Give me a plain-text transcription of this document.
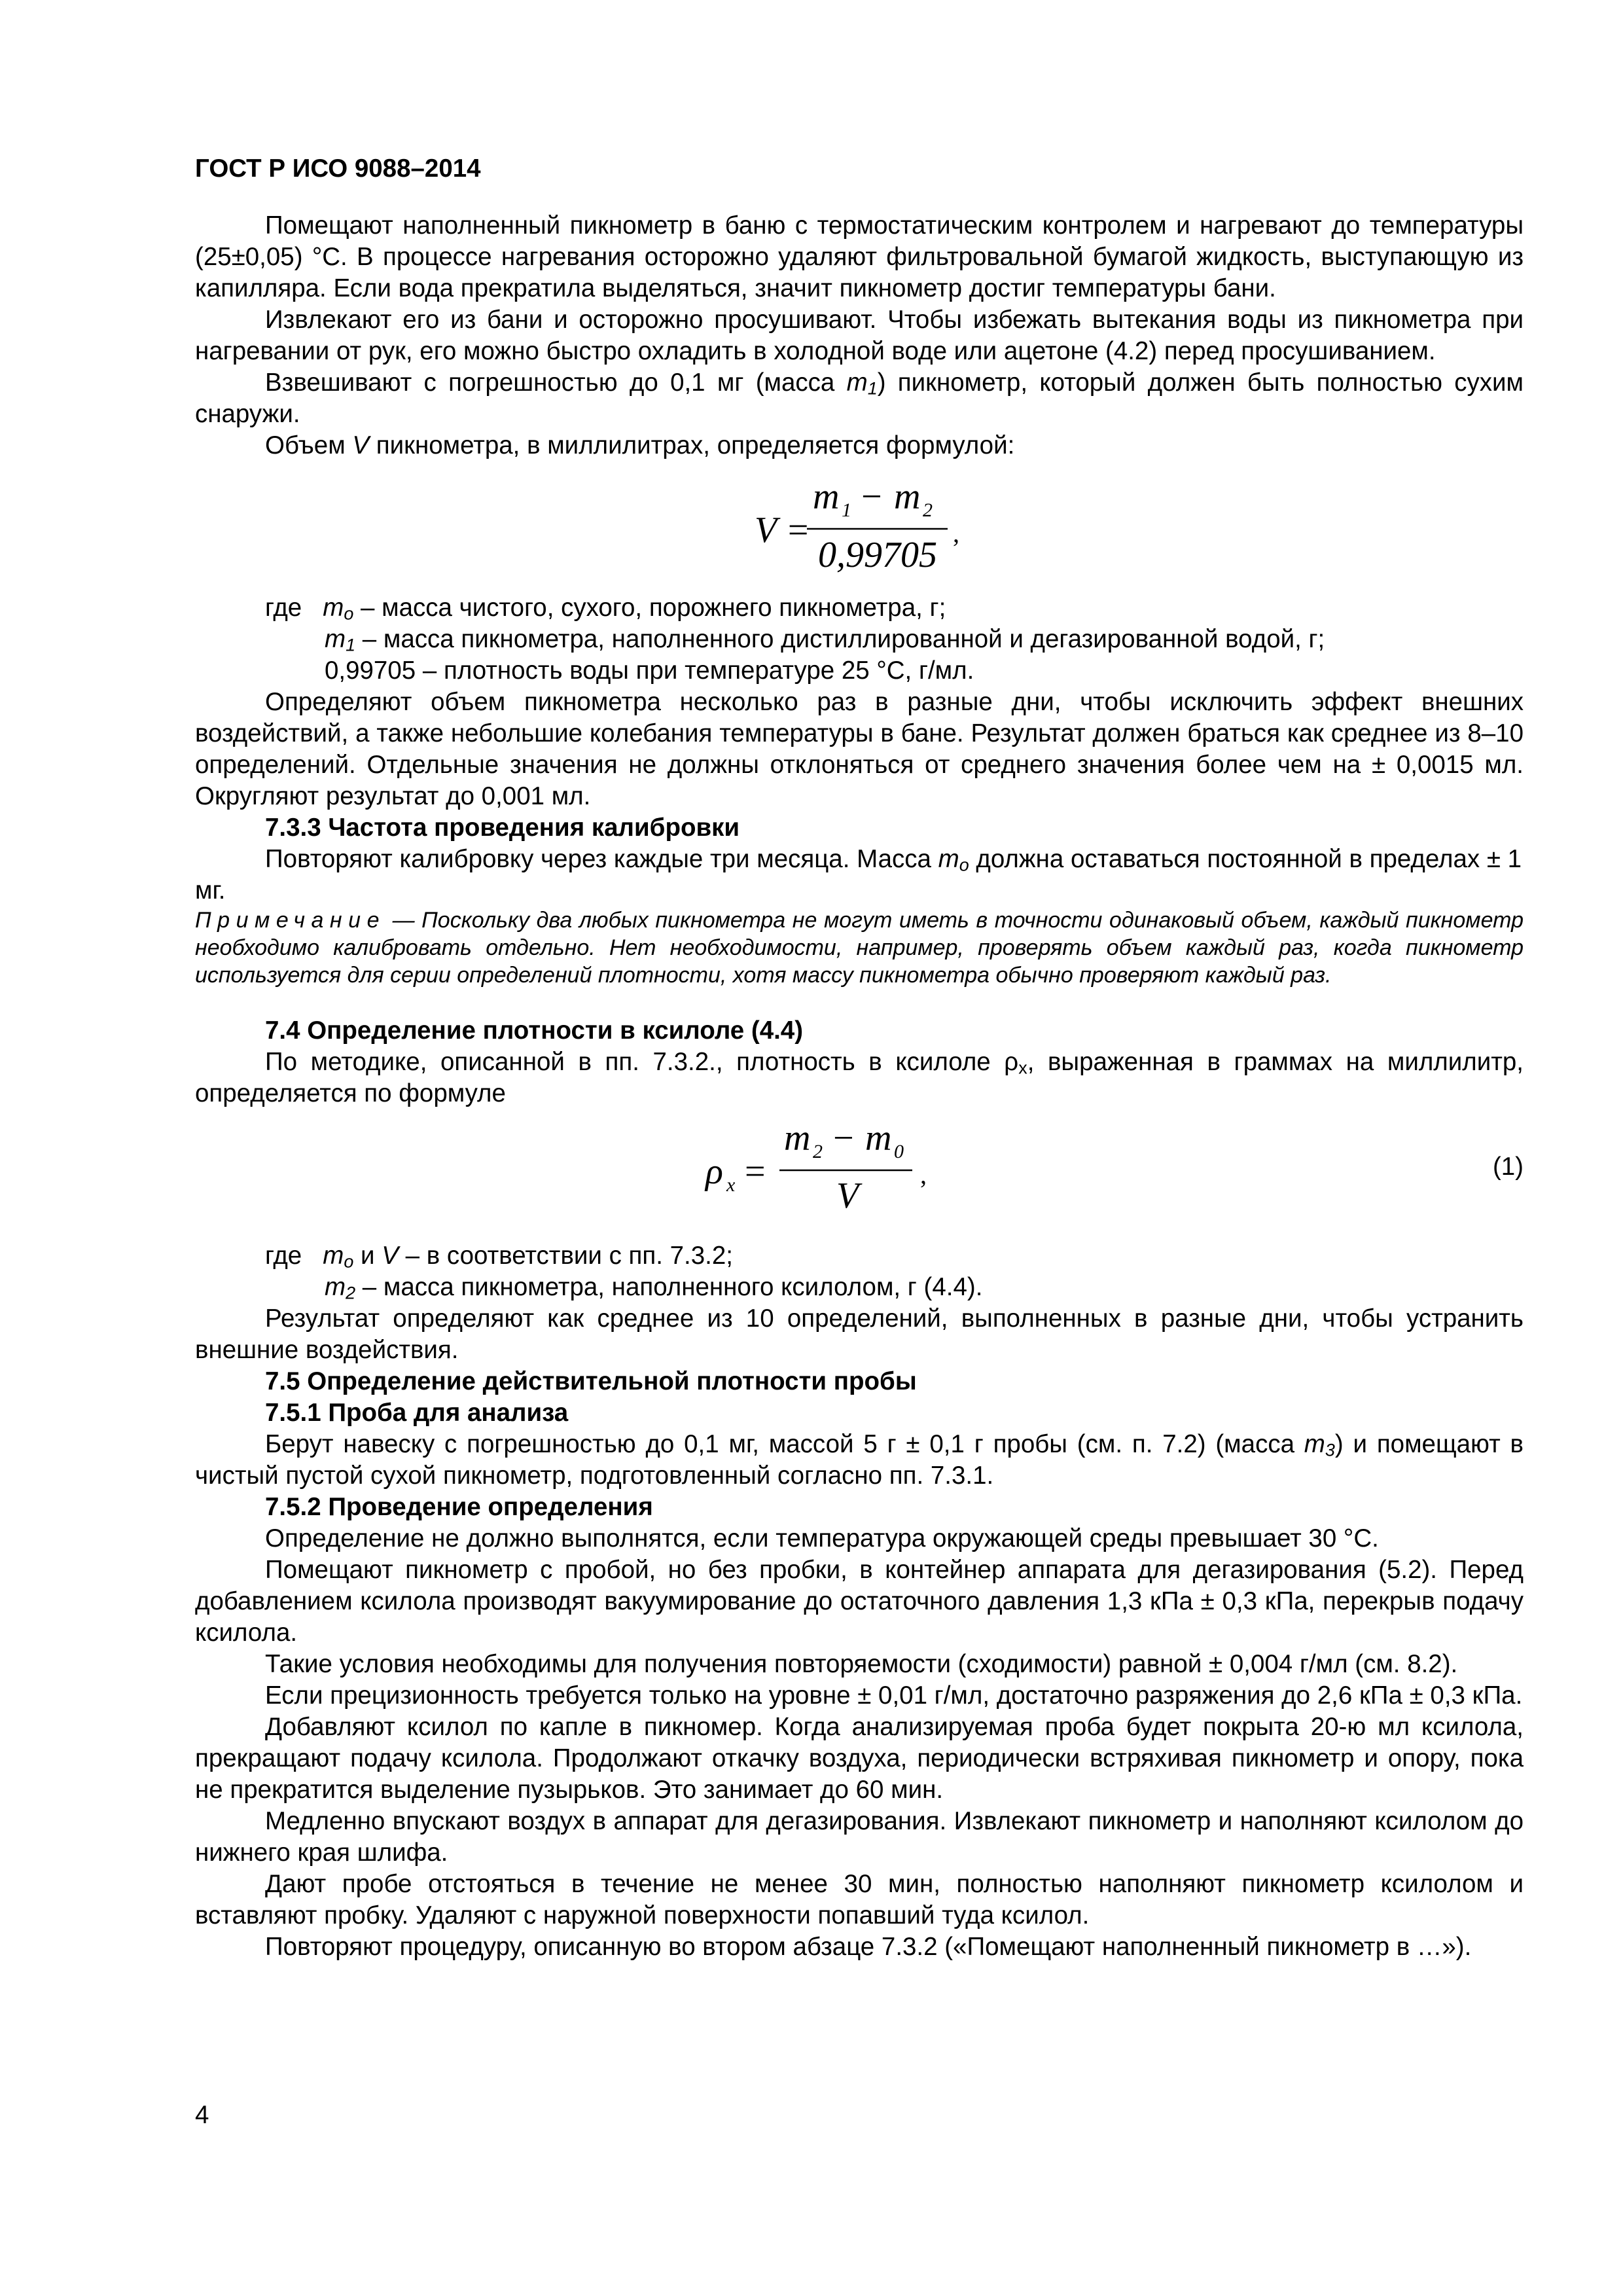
ГОСТ Р ИСО 9088–2014

Помещают наполненный пикнометр в баню с термостатическим контролем и нагревают до температуры (25±0,05) °C. В процессе нагревания осторожно удаляют фильтровальной бумагой жидкость, выступающую из капилляра. Если вода прекратила выделяться, значит пикнометр достиг температуры бани.

Извлекают его из бани и осторожно просушивают. Чтобы избежать вытекания воды из пикнометра при нагревании от рук, его можно быстро охладить в холодной воде или ацетоне (4.2) перед просушиванием.

Взвешивают с погрешностью до 0,1 мг (масса $m_1$) пикнометр, который должен быть полностью сухим снаружи.

Объем V пикнометра, в миллилитрах, определяется формулой:

V =
m 1 − m 2
0,99705
,

где $m_o$ – масса чистого, сухого, порожнего пикнометра, г;

$m_1$ – масса пикнометра, наполненного дистиллированной и дегазированной водой, г;

0,99705 – плотность воды при температуре 25 °C, г/мл.

Определяют объем пикнометра несколько раз в разные дни, чтобы исключить эффект внешних воздействий, а также небольшие колебания температуры в бане. Результат должен браться как среднее из 8–10 определений. Отдельные значения не должны отклоняться от среднего значения более чем на ± 0,0015 мл. Округляют результат до 0,001 мл.

7.3.3 Частота проведения калибровки

Повторяют калибровку через каждые три месяца. Масса $m_o$ должна оставаться постоянной в пределах ± 1 мг.

Примечание — Поскольку два любых пикнометра не могут иметь в точности одинаковый объем, каждый пикнометр необходимо калибровать отдельно. Нет необходимости, например, проверять объем каждый раз, когда пикнометр используется для серии определений плотности, хотя массу пикнометра обычно проверяют каждый раз.

7.4 Определение плотности в ксилоле (4.4)

По методике, описанной в пп. 7.3.2., плотность в ксилоле $\rho_x$, выраженная в граммах на миллилитр, определяется по формуле

ρ x =
m 2 − m 0
V
,	(1)

где $m_o$ и V – в соответствии с пп. 7.3.2;

$m_2$ – масса пикнометра, наполненного ксилолом, г (4.4).

Результат определяют как среднее из 10 определений, выполненных в разные дни, чтобы устранить внешние воздействия.

7.5 Определение действительной плотности пробы

7.5.1 Проба для анализа

Берут навеску с погрешностью до 0,1 мг, массой 5 г ± 0,1 г пробы (см. п. 7.2) (масса $m_3$) и помещают в чистый пустой сухой пикнометр, подготовленный согласно пп. 7.3.1.

7.5.2 Проведение определения

Определение не должно выполнятся, если температура окружающей среды превышает 30 °C.

Помещают пикнометр с пробой, но без пробки, в контейнер аппарата для дегазирования (5.2). Перед добавлением ксилола производят вакуумирование до остаточного давления 1,3 кПа ± 0,3 кПа, перекрыв подачу ксилола.

Такие условия необходимы для получения повторяемости (сходимости) равной ± 0,004 г/мл (см. 8.2).

Если прецизионность требуется только на уровне ± 0,01 г/мл, достаточно разряжения до 2,6 кПа ± 0,3 кПа.

Добавляют ксилол по капле в пикномер. Когда анализируемая проба будет покрыта 20-ю мл ксилола, прекращают подачу ксилола. Продолжают откачку воздуха, периодически встряхивая пикнометр и опору, пока не прекратится выделение пузырьков. Это занимает до 60 мин.

Медленно впускают воздух в аппарат для дегазирования. Извлекают пикнометр и наполняют ксилолом до нижнего края шлифа.

Дают пробе отстояться в течение не менее 30 мин, полностью наполняют пикнометр ксилолом и вставляют пробку. Удаляют с наружной поверхности попавший туда ксилол.

Повторяют процедуру, описанную во втором абзаце 7.3.2 («Помещают наполненный пикнометр в …»).

4
